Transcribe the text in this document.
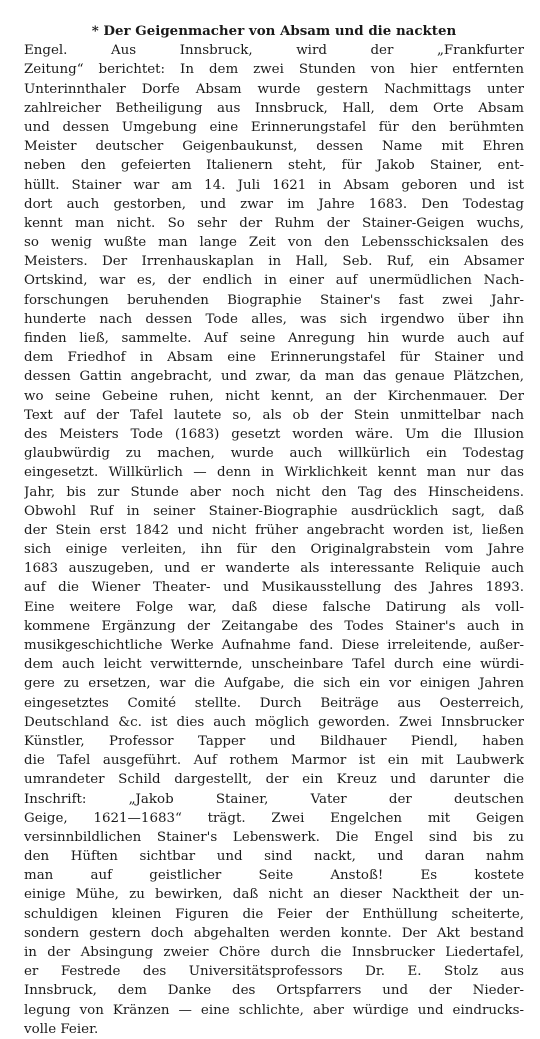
* Der Geigenmacher von Absam und die nackten
Engel. Aus Innsbruck, wird der „Frankfurter
Zeitung“ berichtet: In dem zwei Stunden von hier entfernten
Unterinnthaler Dorfe Absam wurde gestern Nachmittags unter
zahlreicher Betheiligung aus Innsbruck, Hall, dem Orte Absam
und dessen Umgebung eine Erinnerungstafel für den berühmten
Meister deutscher Geigenbaukunst, dessen Name mit Ehren
neben den gefeierten Italienern steht, für Jakob Stainer, ent-
hüllt. Stainer war am 14. Juli 1621 in Absam geboren und ist
dort auch gestorben, und zwar im Jahre 1683. Den Todestag
kennt man nicht. So sehr der Ruhm der Stainer-Geigen wuchs,
so wenig wußte man lange Zeit von den Lebensschicksalen des
Meisters. Der Irrenhauskaplan in Hall, Seb. Ruf, ein Absamer
Ortskind, war es, der endlich in einer auf unermüdlichen Nach-
forschungen beruhenden Biographie Stainer's fast zwei Jahr-
hunderte nach dessen Tode alles, was sich irgendwo über ihn
finden ließ, sammelte. Auf seine Anregung hin wurde auch auf
dem Friedhof in Absam eine Erinnerungstafel für Stainer und
dessen Gattin angebracht, und zwar, da man das genaue Plätzchen,
wo seine Gebeine ruhen, nicht kennt, an der Kirchenmauer. Der
Text auf der Tafel lautete so, als ob der Stein unmittelbar nach
des Meisters Tode (1683) gesetzt worden wäre. Um die Illusion
glaubwürdig zu machen, wurde auch willkürlich ein Todestag
eingesetzt. Willkürlich — denn in Wirklichkeit kennt man nur das
Jahr, bis zur Stunde aber noch nicht den Tag des Hinscheidens.
Obwohl Ruf in seiner Stainer-Biographie ausdrücklich sagt, daß
der Stein erst 1842 und nicht früher angebracht worden ist, ließen
sich einige verleiten, ihn für den Originalgrabstein vom Jahre
1683 auszugeben, und er wanderte als interessante Reliquie auch
auf die Wiener Theater- und Musikausstellung des Jahres 1893.
Eine weitere Folge war, daß diese falsche Datirung als voll-
kommene Ergänzung der Zeitangabe des Todes Stainer's auch in
musikgeschichtliche Werke Aufnahme fand. Diese irreleitende, außer-
dem auch leicht verwitternde, unscheinbare Tafel durch eine würdi-
gere zu ersetzen, war die Aufgabe, die sich ein vor einigen Jahren
eingesetztes Comité stellte. Durch Beiträge aus Oesterreich,
Deutschland &c. ist dies auch möglich geworden. Zwei Innsbrucker
Künstler, Professor Tapper und Bildhauer Piendl, haben
die Tafel ausgeführt. Auf rothem Marmor ist ein mit Laubwerk
umrandeter Schild dargestellt, der ein Kreuz und darunter die
Inschrift: „Jakob Stainer, Vater der deutschen
Geige, 1621—1683“ trägt. Zwei Engelchen mit Geigen
versinnbildlichen Stainer's Lebenswerk. Die Engel sind bis zu
den Hüften sichtbar und sind nackt, und daran nahm
man auf geistlicher Seite Anstoß! Es kostete
einige Mühe, zu bewirken, daß nicht an dieser Nacktheit der un-
schuldigen kleinen Figuren die Feier der Enthüllung scheiterte,
sondern gestern doch abgehalten werden konnte. Der Akt bestand
in der Absingung zweier Chöre durch die Innsbrucker Liedertafel,
er Festrede des Universitätsprofessors Dr. E. Stolz aus
Innsbruck, dem Danke des Ortspfarrers und der Nieder-
legung von Kränzen — eine schlichte, aber würdige und eindrucks-
volle Feier.
